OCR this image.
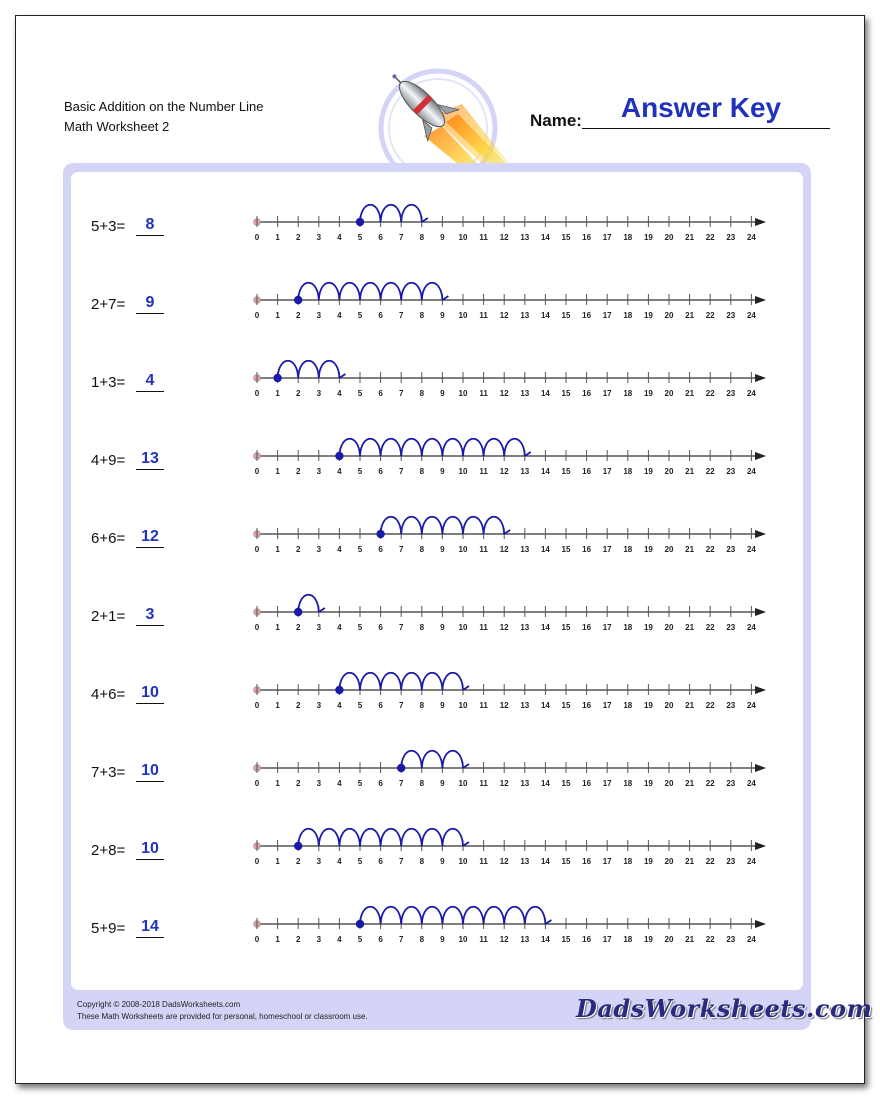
Basic Addition on the Number Line
Math Worksheet 2	Name:	Answer Key
5+3=	8
0 1 2 3 4 5 6 7 8 9 10 11 12 13 14 15 16 17 18 19 20 21 22 23 24
2+7=	9
0 1 2 3 4 5 6 7 8 9 10 11 12 13 14 15 16 17 18 19 20 21 22 23 24
1+3=	4
0 1 2 3 4 5 6 7 8 9 10 11 12 13 14 15 16 17 18 19 20 21 22 23 24
4+9= 13
0 1 2 3 4 5 6 7 8 9 10 11 12 13 14 15 16 17 18 19 20 21 22 23 24
6+6= 12
0 1 2 3 4 5 6 7 8 9 10 11 12 13 14 15 16 17 18 19 20 21 22 23 24
2+1=	3
0 1 2 3 4 5 6 7 8 9 10 11 12 13 14 15 16 17 18 19 20 21 22 23 24
4+6= 10
0 1 2 3 4 5 6 7 8 9 10 11 12 13 14 15 16 17 18 19 20 21 22 23 24
7+3= 10
0 1 2 3 4 5 6 7 8 9 10 11 12 13 14 15 16 17 18 19 20 21 22 23 24
2+8= 10
0 1 2 3 4 5 6 7 8 9 10 11 12 13 14 15 16 17 18 19 20 21 22 23 24
5+9= 14
0 1 2 3 4 5 6 7 8 9 10 11 12 13 14 15 16 17 18 19 20 21 22 23 24
Copyright © 2008-2018 DadsWorksheets.com
These Math Worksheets are provided for personal, homeschool or classroom use.	DadsWorksheets.com
